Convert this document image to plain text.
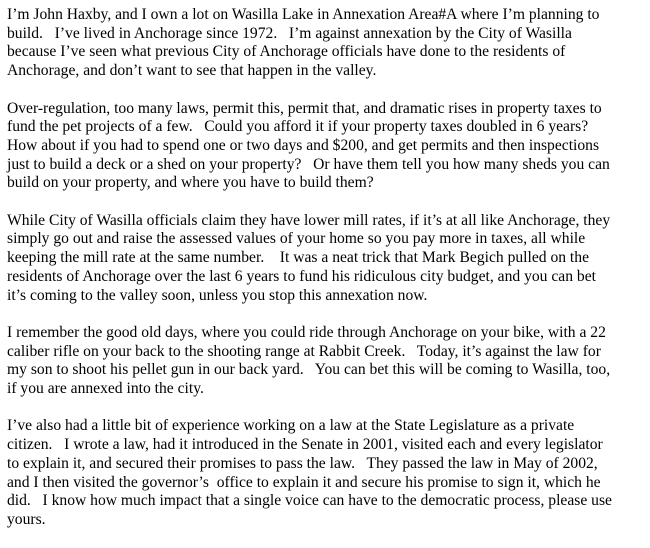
I’m John Haxby, and I own a lot on Wasilla Lake in Annexation Area#A where I’m planning to
build.   I’ve lived in Anchorage since 1972.   I’m against annexation by the City of Wasilla
because I’ve seen what previous City of Anchorage officials have done to the residents of
Anchorage, and don’t want to see that happen in the valley.

Over-regulation, too many laws, permit this, permit that, and dramatic rises in property taxes to
fund the pet projects of a few.   Could you afford it if your property taxes doubled in 6 years?
How about if you had to spend one or two days and $200, and get permits and then inspections
just to build a deck or a shed on your property?   Or have them tell you how many sheds you can
build on your property, and where you have to build them?

While City of Wasilla officials claim they have lower mill rates, if it’s at all like Anchorage, they
simply go out and raise the assessed values of your home so you pay more in taxes, all while
keeping the mill rate at the same number.    It was a neat trick that Mark Begich pulled on the
residents of Anchorage over the last 6 years to fund his ridiculous city budget, and you can bet
it’s coming to the valley soon, unless you stop this annexation now.

I remember the good old days, where you could ride through Anchorage on your bike, with a 22
caliber rifle on your back to the shooting range at Rabbit Creek.   Today, it’s against the law for
my son to shoot his pellet gun in our back yard.   You can bet this will be coming to Wasilla, too,
if you are annexed into the city.

I’ve also had a little bit of experience working on a law at the State Legislature as a private
citizen.   I wrote a law, had it introduced in the Senate in 2001, visited each and every legislator
to explain it, and secured their promises to pass the law.   They passed the law in May of 2002,
and I then visited the governor’s  office to explain it and secure his promise to sign it, which he
did.   I know how much impact that a single voice can have to the democratic process, please use
yours.
